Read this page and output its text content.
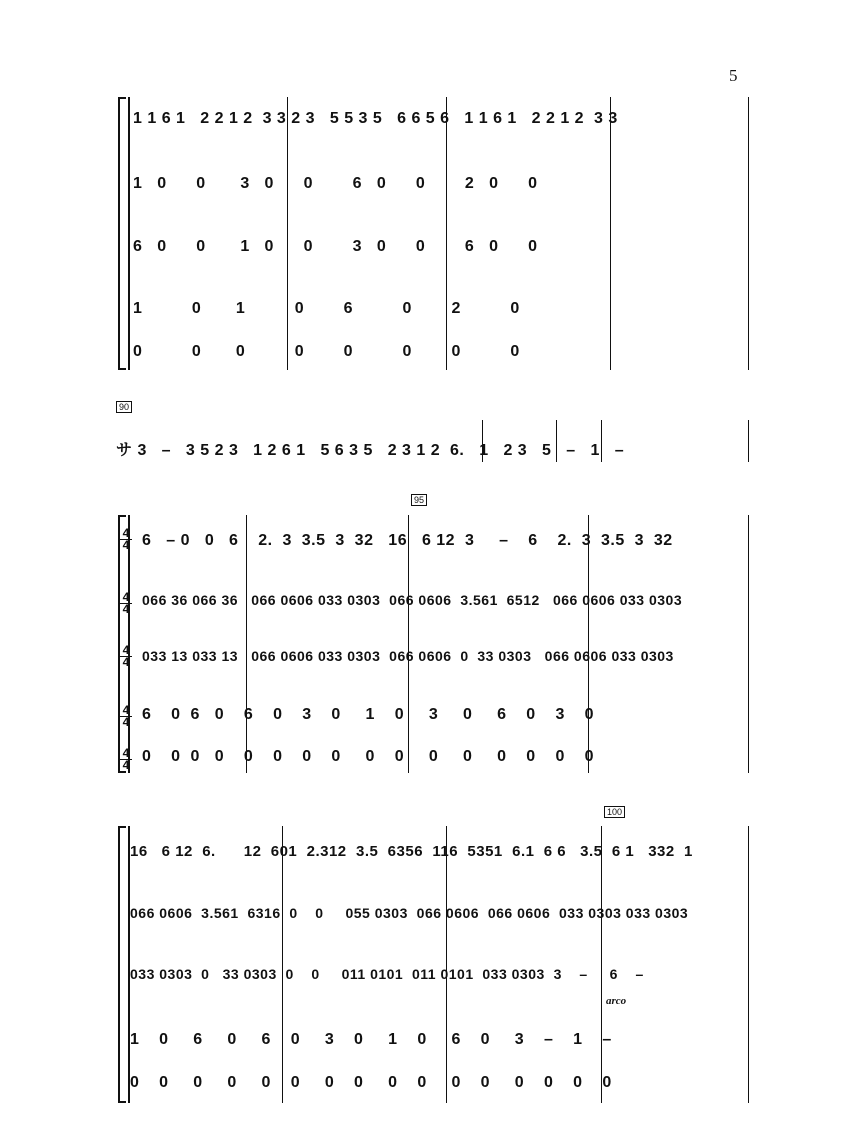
5
1 1 6 1   2 2 1 2  3 3 2 3   5 5 3 5   6 6 5 6   1 1 6 1   2 2 1 2  3 3
1   0      0       3   0      0        6   0      0        2   0      0
6   0      0       1   0      0        3   0      0        6   0      0
1          0       1          0        6          0        2          0
0          0       0          0        0          0        0          0
90
サ 3   –   3 5 2 3   1 2 6 1   5 6 3 5   2 3 1 2  6.   1   2 3   5   –   1   –
95
4
4
4
4
4
4
4
4
4
4
6   – 0   0   6    2.  3  3.5  3  32   16   6 12  3     –    6    2.  3  3.5  3  32
066 36 066 36   066 0606 033 0303  066 0606  3.561  6512   066 0606 033 0303
033 13 033 13   066 0606 033 0303  066 0606  0  33 0303   066 0606 033 0303
6    0  6   0    6    0    3    0     1    0     3     0     6    0    3    0
0    0  0   0    0    0    0    0     0    0     0     0     0    0    0    0
100
16   6 12  6.      12  601  2.312  3.5  6356  116  5351  6.1  6 6   3.5  6 1   332  1
066 0606  3.561  6316  0    0     055 0303  066 0606  066 0606  033 0303 033 0303
033 0303  0   33 0303  0    0     011 0101  011 0101  033 0303  3    –     6    –
arco
1    0     6     0     6    0     3    0     1    0     6    0     3    –    1    –
0    0     0     0     0    0     0    0     0    0     0    0     0    0    0    0
